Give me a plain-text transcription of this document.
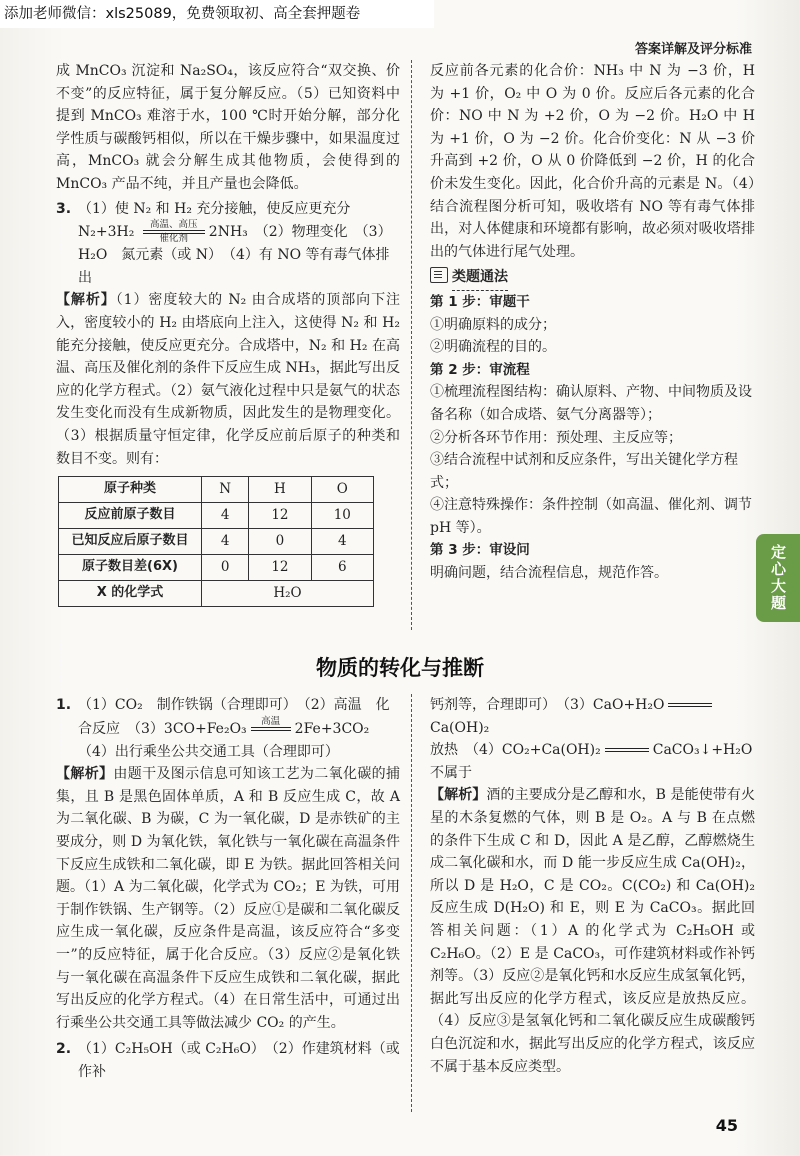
添加老师微信：xls25089，免费领取初、高全套押题卷
答案详解及评分标准

成 MnCO₃ 沉淀和 Na₂SO₄，该反应符合“双交换、价不变”的反应特征，属于复分解反应。（5）已知资料中提到 MnCO₃ 难溶于水，100 ℃时开始分解，部分化学性质与碳酸钙相似，所以在干燥步骤中，如果温度过高，MnCO₃ 就会分解生成其他物质，会使得到的 MnCO₃ 产品不纯，并且产量也会降低。

3. （1）使 N₂ 和 H₂ 充分接触，使反应更充分　N₂+3H₂	高温、高压
催化剂	2NH₃　（2）物理变化　（3）H₂O　氮元素（或 N）　（4）有 NO 等有毒气体排出

【解析】（1）密度较大的 N₂ 由合成塔的顶部向下注入，密度较小的 H₂ 由塔底向上注入，这使得 N₂ 和 H₂ 能充分接触，使反应更充分。合成塔中，N₂ 和 H₂ 在高温、高压及催化剂的条件下反应生成 NH₃，据此写出反应的化学方程式。（2）氨气液化过程中只是氨气的状态发生变化而没有生成新物质，因此发生的是物理变化。（3）根据质量守恒定律，化学反应前后原子的种类和数目不变。则有：

原子种类	N	H	O
反应前原子数目	4	12	10
已知反应后原子数目	4	0	4
原子数目差(6X)	0	12	6
X 的化学式	H₂O		

反应前各元素的化合价：NH₃ 中 N 为 −3 价，H 为 +1 价，O₂ 中 O 为 0 价。反应后各元素的化合价：NO 中 N 为 +2 价，O 为 −2 价。H₂O 中 H 为 +1 价，O 为 −2 价。化合价变化：N 从 −3 价升高到 +2 价，O 从 0 价降低到 −2 价，H 的化合价未发生变化。因此，化合价升高的元素是 N。（4）结合流程图分析可知，吸收塔有 NO 等有毒气体排出，对人体健康和环境都有影响，故必须对吸收塔排出的气体进行尾气处理。

类题通法

第 1 步：审题干

①明确原料的成分；

②明确流程的目的。

第 2 步：审流程

①梳理流程图结构：确认原料、产物、中间物质及设备名称（如合成塔、氨气分离器等）；

②分析各环节作用：预处理、主反应等；

③结合流程中试剂和反应条件，写出关键化学方程式；

④注意特殊操作：条件控制（如高温、催化剂、调节 pH 等）。

第 3 步：审设问

明确问题，结合流程信息，规范作答。

物质的转化与推断

1. （1）CO₂　制作铁锅（合理即可）　（2）高温　化合反应　（3）3CO+Fe₂O₃	高温
	2Fe+3CO₂　（4）出行乘坐公共交通工具（合理即可）

【解析】由题干及图示信息可知该工艺为二氧化碳的捕集，且 B 是黑色固体单质，A 和 B 反应生成 C，故 A 为二氧化碳、B 为碳，C 为一氧化碳，D 是赤铁矿的主要成分，则 D 为氧化铁，氧化铁与一氧化碳在高温条件下反应生成铁和二氧化碳，即 E 为铁。据此回答相关问题。（1）A 为二氧化碳，化学式为 CO₂；E 为铁，可用于制作铁锅、生产钢等。（2）反应①是碳和二氧化碳反应生成一氧化碳，反应条件是高温，该反应符合“多变一”的反应特征，属于化合反应。（3）反应②是氧化铁与一氧化碳在高温条件下反应生成铁和二氧化碳，据此写出反应的化学方程式。（4）在日常生活中，可通过出行乘坐公共交通工具等做法减少 CO₂ 的产生。

2. （1）C₂H₅OH（或 C₂H₆O）　（2）作建筑材料（或作补

钙剂等，合理即可）　（3）CaO+H₂OCa(OH)₂

放热　（4）CO₂+Ca(OH)₂	CaCO₃↓+H₂O

不属于

【解析】酒的主要成分是乙醇和水，B 是能使带有火星的木条复燃的气体，则 B 是 O₂。A 与 B 在点燃的条件下生成 C 和 D，因此 A 是乙醇，乙醇燃烧生成二氧化碳和水，而 D 能一步反应生成 Ca(OH)₂，所以 D 是 H₂O，C 是 CO₂。C(CO₂) 和 Ca(OH)₂ 反应生成 D(H₂O) 和 E，则 E 为 CaCO₃。据此回答相关问题：（1）A 的化学式为 C₂H₅OH 或 C₂H₆O。（2）E 是 CaCO₃，可作建筑材料或作补钙剂等。（3）反应②是氧化钙和水反应生成氢氧化钙，据此写出反应的化学方程式，该反应是放热反应。（4）反应③是氢氧化钙和二氧化碳反应生成碳酸钙白色沉淀和水，据此写出反应的化学方程式，该反应不属于基本反应类型。

定心大题
45
